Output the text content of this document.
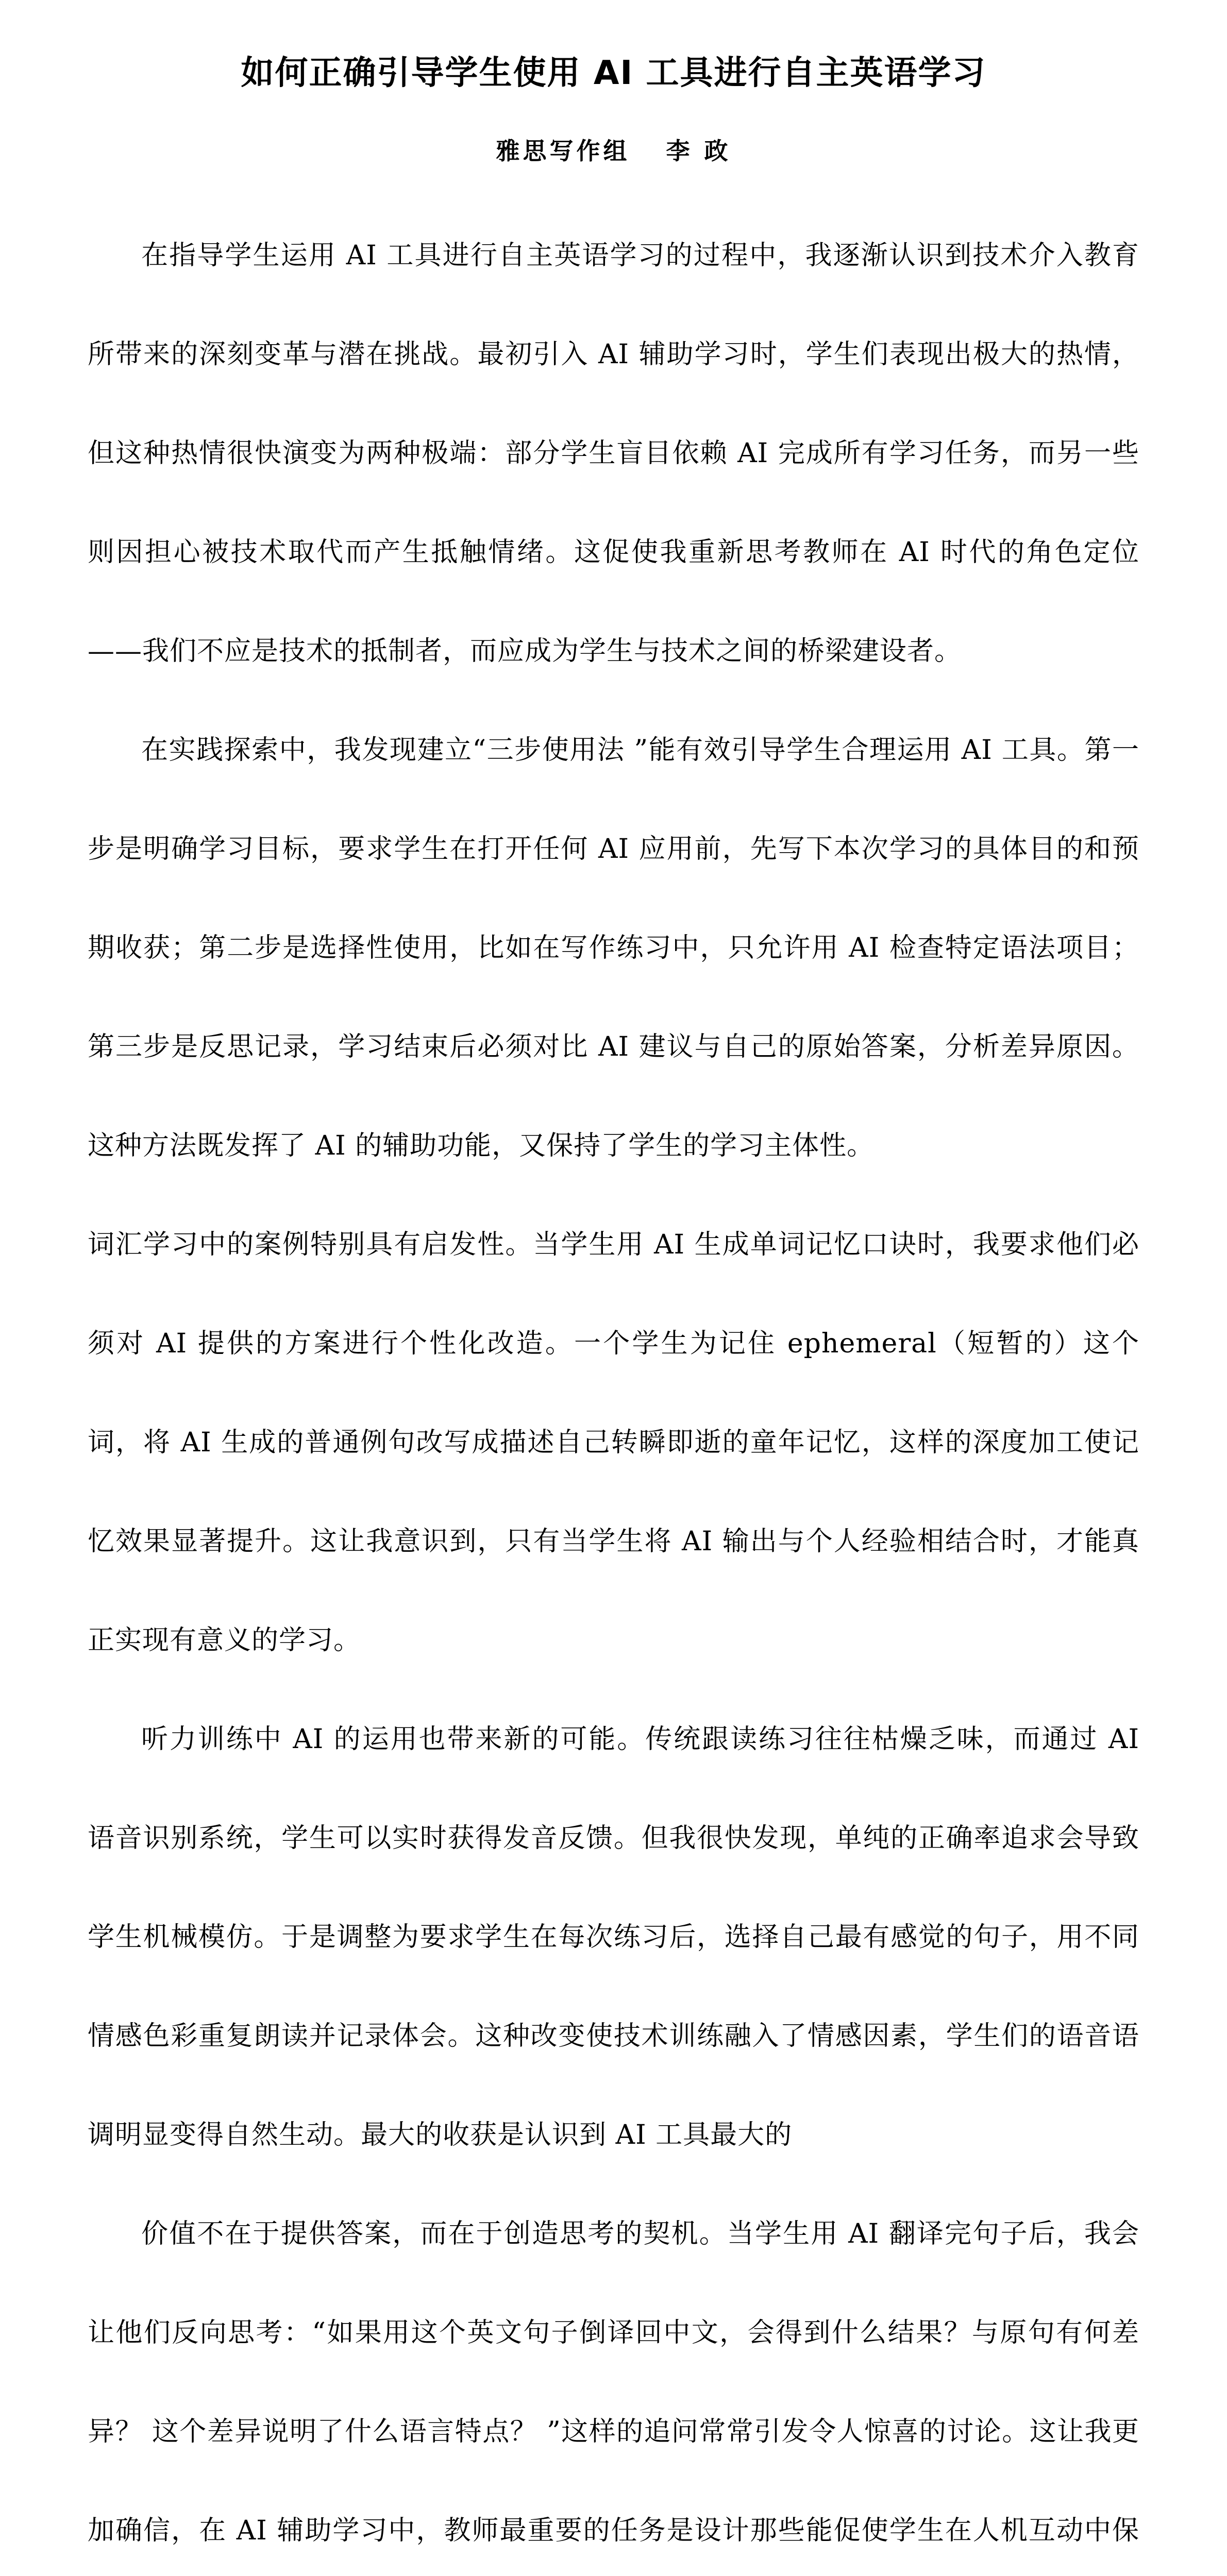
如何正确引导学生使用 AI 工具进行自主英语学习
雅思写作组 李 政

在指导学生运用 AI 工具进行自主英语学习的过程中，我逐渐认识到技术介入教育所带来的深刻变革与潜在挑战。最初引入 AI 辅助学习时，学生们表现出极大的热情，但这种热情很快演变为两种极端：部分学生盲目依赖 AI 完成所有学习任务，而另一些则因担心被技术取代而产生抵触情绪。这促使我重新思考教师在 AI 时代的角色定位——我们不应是技术的抵制者，而应成为学生与技术之间的桥梁建设者。

在实践探索中，我发现建立“三步使用法 ”能有效引导学生合理运用 AI 工具。第一步是明确学习目标，要求学生在打开任何 AI 应用前，先写下本次学习的具体目的和预期收获；第二步是选择性使用，比如在写作练习中，只允许用 AI 检查特定语法项目；第三步是反思记录，学习结束后必须对比 AI 建议与自己的原始答案，分析差异原因。这种方法既发挥了 AI 的辅助功能，又保持了学生的学习主体性。

词汇学习中的案例特别具有启发性。当学生用 AI 生成单词记忆口诀时，我要求他们必须对 AI 提供的方案进行个性化改造。一个学生为记住 ephemeral（短暂的）这个词，将 AI 生成的普通例句改写成描述自己转瞬即逝的童年记忆，这样的深度加工使记忆效果显著提升。这让我意识到，只有当学生将 AI 输出与个人经验相结合时，才能真正实现有意义的学习。

听力训练中 AI 的运用也带来新的可能。传统跟读练习往往枯燥乏味，而通过 AI 语音识别系统，学生可以实时获得发音反馈。但我很快发现，单纯的正确率追求会导致学生机械模仿。于是调整为要求学生在每次练习后，选择自己最有感觉的句子，用不同情感色彩重复朗读并记录体会。这种改变使技术训练融入了情感因素，学生们的语音语调明显变得自然生动。最大的收获是认识到 AI 工具最大的

价值不在于提供答案，而在于创造思考的契机。当学生用 AI 翻译完句子后，我会让他们反向思考：“如果用这个英文句子倒译回中文，会得到什么结果？与原句有何差异？ 这个差异说明了什么语言特点？ ”这样的追问常常引发令人惊喜的讨论。这让我更加确信，在 AI 辅助学习中，教师最重要的任务是设计那些能促使学生在人机互动中保
